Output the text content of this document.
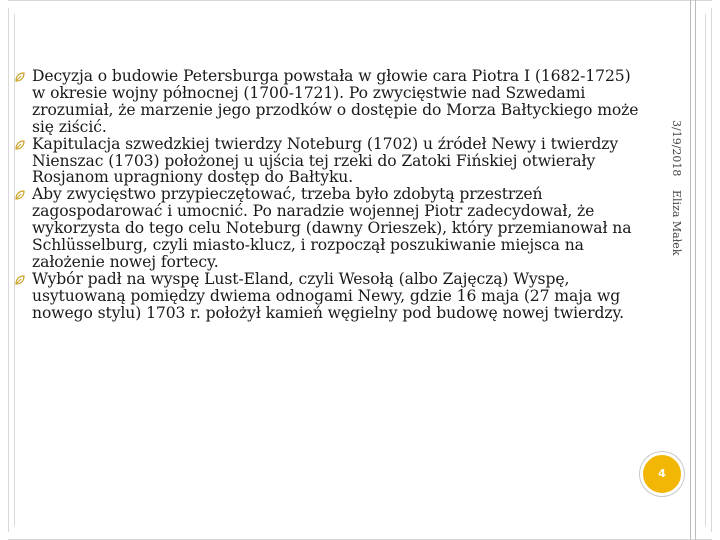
Decyzja o budowie Petersburga powstała w głowie cara Piotra I (1682-1725) w okresie wojny północnej (1700-1721). Po zwycięstwie nad Szwedami zrozumiał, że marzenie jego przodków o dostępie do Morza Bałtyckiego może się ziścić.
Kapitulacja szwedzkiej twierdzy Noteburg (1702) u źródeł Newy i twierdzy Nienszac (1703) położonej u ujścia tej rzeki do Zatoki Fińskiej otwierały Rosjanom upragniony dostęp do Bałtyku.
Aby zwycięstwo przypieczętować, trzeba było zdobytą przestrzeń zagospodarować i umocnić. Po naradzie wojennej Piotr zadecydował, że wykorzysta do tego celu Noteburg (dawny Orieszek), który przemianował na Schlüsselburg, czyli miasto-klucz, i rozpoczął poszukiwanie miejsca na założenie nowej fortecy.
Wybór padł na wyspę Lust-Eland, czyli Wesołą (albo Zajęczą) Wyspę, usytuowaną pomiędzy dwiema odnogami Newy, gdzie 16 maja (27 maja wg nowego stylu) 1703 r. położył kamień węgielny pod budowę nowej twierdzy.
3/19/2018
Eliza Małek
4
